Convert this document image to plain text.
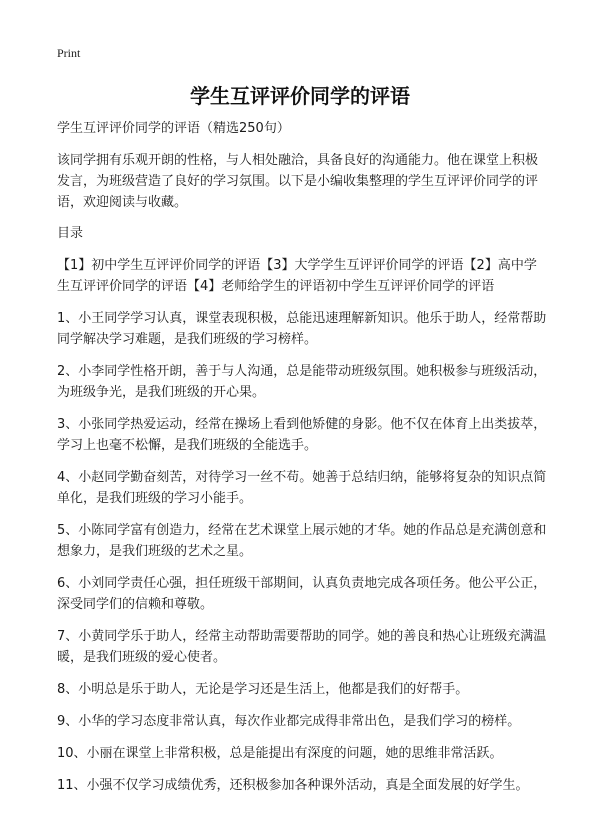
Print
学生互评评价同学的评语

学生互评评价同学的评语（精选250句）

该同学拥有乐观开朗的性格，与人相处融洽，具备良好的沟通能力。他在课堂上积极发言，为班级营造了良好的学习氛围。以下是小编收集整理的学生互评评价同学的评语，欢迎阅读与收藏。

目录

【1】初中学生互评评价同学的评语【3】大学学生互评评价同学的评语【2】高中学生互评评价同学的评语【4】老师给学生的评语初中学生互评评价同学的评语

1、小王同学学习认真，课堂表现积极，总能迅速理解新知识。他乐于助人，经常帮助同学解决学习难题，是我们班级的学习榜样。

2、小李同学性格开朗，善于与人沟通，总是能带动班级氛围。她积极参与班级活动，为班级争光，是我们班级的开心果。

3、小张同学热爱运动，经常在操场上看到他矫健的身影。他不仅在体育上出类拔萃，学习上也毫不松懈，是我们班级的全能选手。

4、小赵同学勤奋刻苦，对待学习一丝不苟。她善于总结归纳，能够将复杂的知识点简单化，是我们班级的学习小能手。

5、小陈同学富有创造力，经常在艺术课堂上展示她的才华。她的作品总是充满创意和想象力，是我们班级的艺术之星。

6、小刘同学责任心强，担任班级干部期间，认真负责地完成各项任务。他公平公正，深受同学们的信赖和尊敬。

7、小黄同学乐于助人，经常主动帮助需要帮助的同学。她的善良和热心让班级充满温暖，是我们班级的爱心使者。

8、小明总是乐于助人，无论是学习还是生活上，他都是我们的好帮手。

9、小华的学习态度非常认真，每次作业都完成得非常出色，是我们学习的榜样。

10、小丽在课堂上非常积极，总是能提出有深度的问题，她的思维非常活跃。

11、小强不仅学习成绩优秀，还积极参加各种课外活动，真是全面发展的好学生。
